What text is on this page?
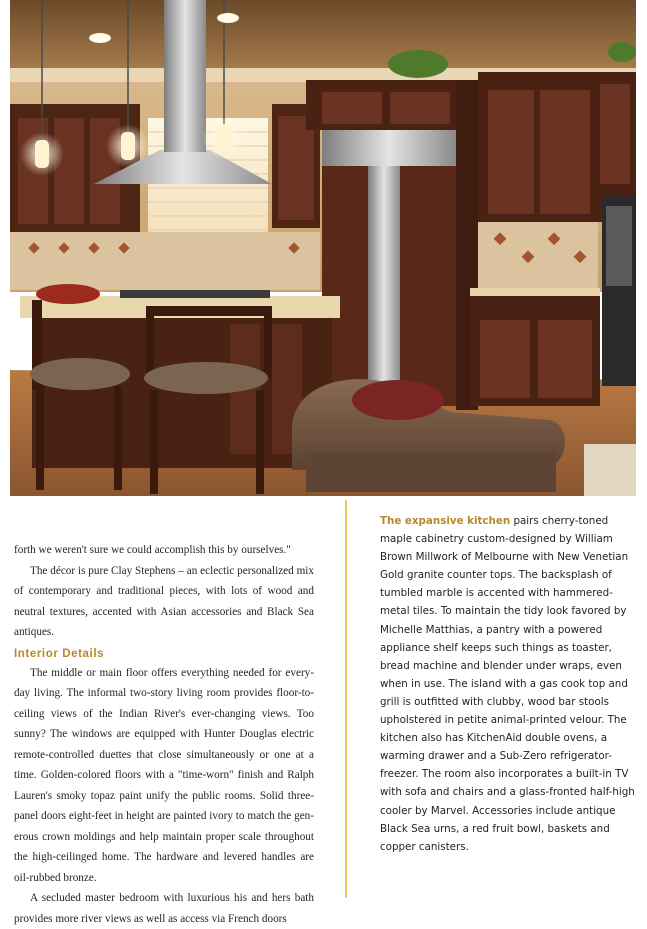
forth we weren't sure we could accomplish this by ourselves."

The décor is pure Clay Stephens – an eclectic personalized mix of contemporary and traditional pieces, with lots of wood and neutral textures, accented with Asian accessories and Black Sea antiques.

Interior Details

The middle or main floor offers everything needed for every-day living. The informal two-story living room provides floor-to-ceiling views of the Indian River's ever-changing views. Too sunny? The windows are equipped with Hunter Douglas electric remote-controlled duettes that close simultaneously or one at a time. Golden-colored floors with a "time-worn" finish and Ralph Lauren's smoky topaz paint unify the public rooms. Solid three-panel doors eight-feet in height are painted ivory to match the gen-erous crown moldings and help maintain proper scale throughout the high-ceilinged home. The hardware and levered handles are oil-rubbed bronze.

A secluded master bedroom with luxurious his and hers bath provides more river views as well as access via French doors

The expansive kitchen pairs cherry-toned maple cabinetry custom-designed by William Brown Millwork of Melbourne with New Venetian Gold granite counter tops. The backsplash of tumbled marble is accented with hammered-metal tiles. To maintain the tidy look favored by Michelle Matthias, a pantry with a powered appliance shelf keeps such things as toaster, bread machine and blender under wraps, even when in use. The island with a gas cook top and grill is outfitted with clubby, wood bar stools upholstered in petite animal-printed velour. The kitchen also has KitchenAid double ovens, a warming drawer and a Sub-Zero refrigerator-freezer. The room also incorporates a built-in TV with sofa and chairs and a glass-fronted half-high cooler by Marvel. Accessories include antique Black Sea urns, a red fruit bowl, baskets and copper canisters.
